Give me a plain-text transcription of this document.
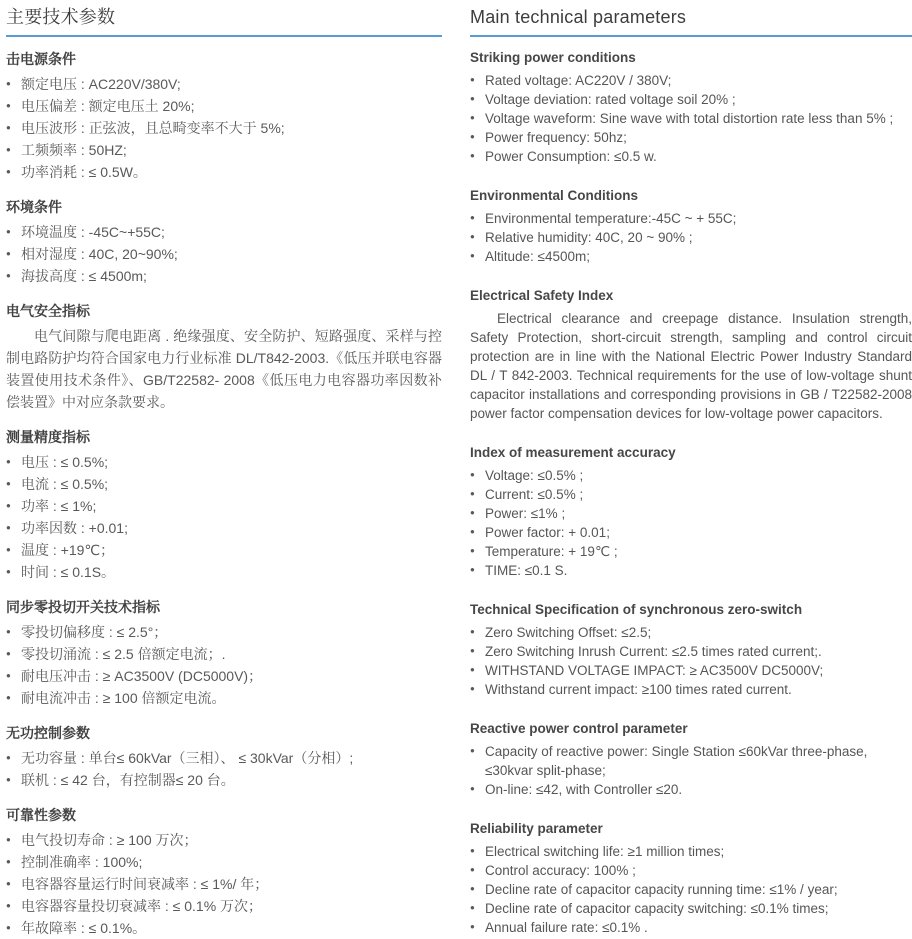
主要技术参数
击电源条件
● 额定电压 : AC220V/380V;
● 电压偏差 : 额定电压土 20%;
● 电压波形 : 正弦波，且总畸变率不大于 5%;
● 工频频率 : 50HZ;
● 功率消耗 : ≤ 0.5W。
环境条件
● 环境温度 : -45C~+55C;
● 相对湿度 : 40C, 20~90%;
● 海拔高度 : ≤ 4500m;
电气安全指标

电气间隙与爬电距离 . 绝缘强度、安全防护、短路强度、采样与控制电路防护均符合国家电力行业标准 DL/T842-2003.《低压并联电容器装置使用技术条件》、GB/T22582- 2008《低压电力电容器功率因数补偿装置》中对应条款要求。

测量精度指标
● 电压 : ≤ 0.5%;
● 电流 : ≤ 0.5%;
● 功率 : ≤ 1%;
● 功率因数 : +0.01;
● 温度 : +19℃；
● 时间 : ≤ 0.1S。
同步零投切开关技术指标
● 零投切偏移度 : ≤ 2.5°；
● 零投切涌流 : ≤ 2.5 倍额定电流；.
● 耐电压冲击 : ≥ AC3500V (DC5000V)；
● 耐电流冲击 : ≥ 100 倍额定电流。
无功控制参数
● 无功容量 : 单台≤ 60kVar（三相）、 ≤ 30kVar（分相）;
● 联机 : ≤ 42 台，有控制器≤ 20 台。
可靠性参数
● 电气投切寿命 : ≥ 100 万次；
● 控制准确率 : 100%;
● 电容器容量运行时间衰减率 : ≤ 1%/ 年；
● 电容器容量投切衰减率 : ≤ 0.1% 万次；
● 年故障率 : ≤ 0.1%。
Main technical parameters
Striking power conditions
● Rated voltage: AC220V / 380V;
● Voltage deviation: rated voltage soil 20% ;
● Voltage waveform: Sine wave with total distortion rate less than 5% ;
● Power frequency: 50hz;
● Power Consumption: ≤0.5 w.
Environmental Conditions
● Environmental temperature:-45C ~ + 55C;
● Relative humidity: 40C, 20 ~ 90% ;
● Altitude: ≤4500m;
Electrical Safety Index

Electrical clearance and creepage distance. Insulation strength, Safety Protection, short-circuit strength, sampling and control circuit protection are in line with the National Electric Power Industry Standard DL / T 842-2003. Technical requirements for the use of low-voltage shunt capacitor installations and corresponding provisions in GB / T22582-2008 power factor compensation devices for low-voltage power capacitors.

Index of measurement accuracy
● Voltage: ≤0.5% ;
● Current: ≤0.5% ;
● Power: ≤1% ;
● Power factor: + 0.01;
● Temperature: + 19℃ ;
● TIME: ≤0.1 S.
Technical Specification of synchronous zero-switch
● Zero Switching Offset: ≤2.5;
● Zero Switching Inrush Current: ≤2.5 times rated current;.
● WITHSTAND VOLTAGE IMPACT: ≥ AC3500V DC5000V;
● Withstand current impact: ≥100 times rated current.
Reactive power control parameter
● Capacity of reactive power: Single Station ≤60kVar three-phase, ≤30kvar split-phase;
● On-line: ≤42, with Controller ≤20.
Reliability parameter
● Electrical switching life: ≥1 million times;
● Control accuracy: 100% ;
● Decline rate of capacitor capacity running time: ≤1% / year;
● Decline rate of capacitor capacity switching: ≤0.1% times;
● Annual failure rate: ≤0.1% .
